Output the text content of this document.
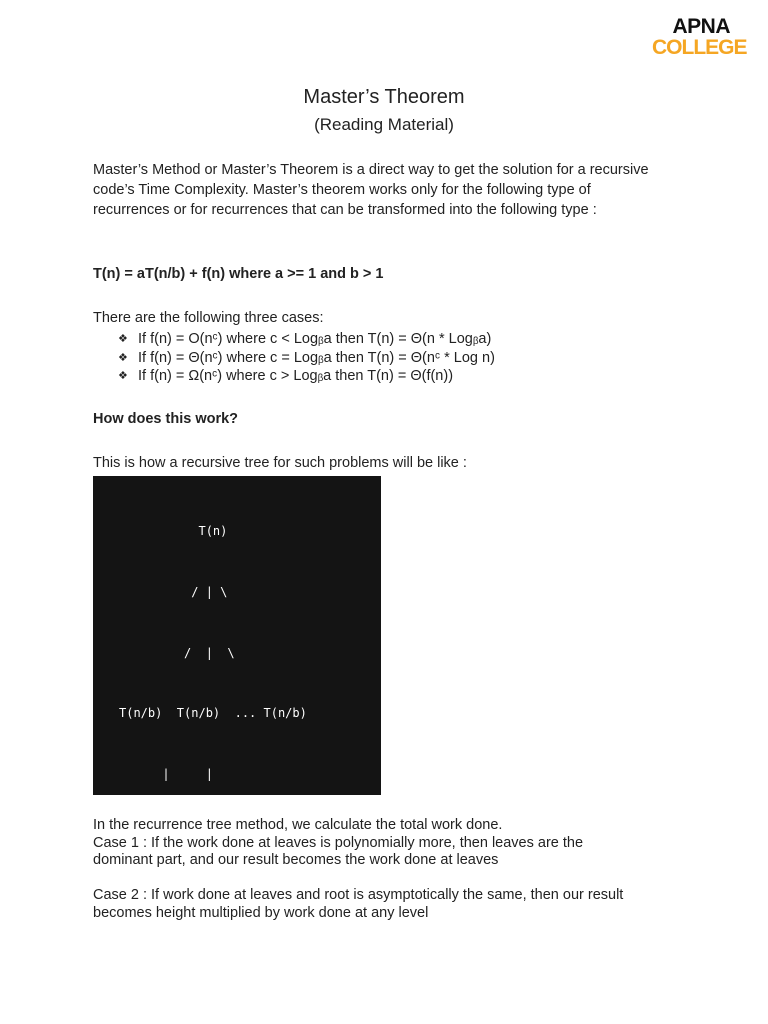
APNA
COLLEGE
Master’s Theorem
(Reading Material)
Master’s Method or Master’s Theorem is a direct way to get the solution for a recursive code’s Time Complexity. Master’s theorem works only for the following type of recurrences or for recurrences that can be transformed into the following type :
T(n) = aT(n/b) + f(n) where a >= 1 and b > 1
There are the following three cases:
❖ If f(n) = O(nᶜ) where c < Logᵦa then T(n) = Θ(n * Logᵦa)
❖ If f(n) = Θ(nᶜ) where c = Logᵦa then T(n) = Θ(nᶜ * Log n)
❖ If f(n) = Ω(nᶜ) where c > Logᵦa then T(n) = Θ(f(n))
How does this work?
This is how a recursive tree for such problems will be like :

T(n)

/ | \

/  |  \

T(n/b)  T(n/b)  ... T(n/b)

|     |

In the recurrence tree method, we calculate the total work done.
Case 1 : If the work done at leaves is polynomially more, then leaves are the
dominant part, and our result becomes the work done at leaves
Case 2 : If work done at leaves and root is asymptotically the same, then our result
becomes height multiplied by work done at any level
